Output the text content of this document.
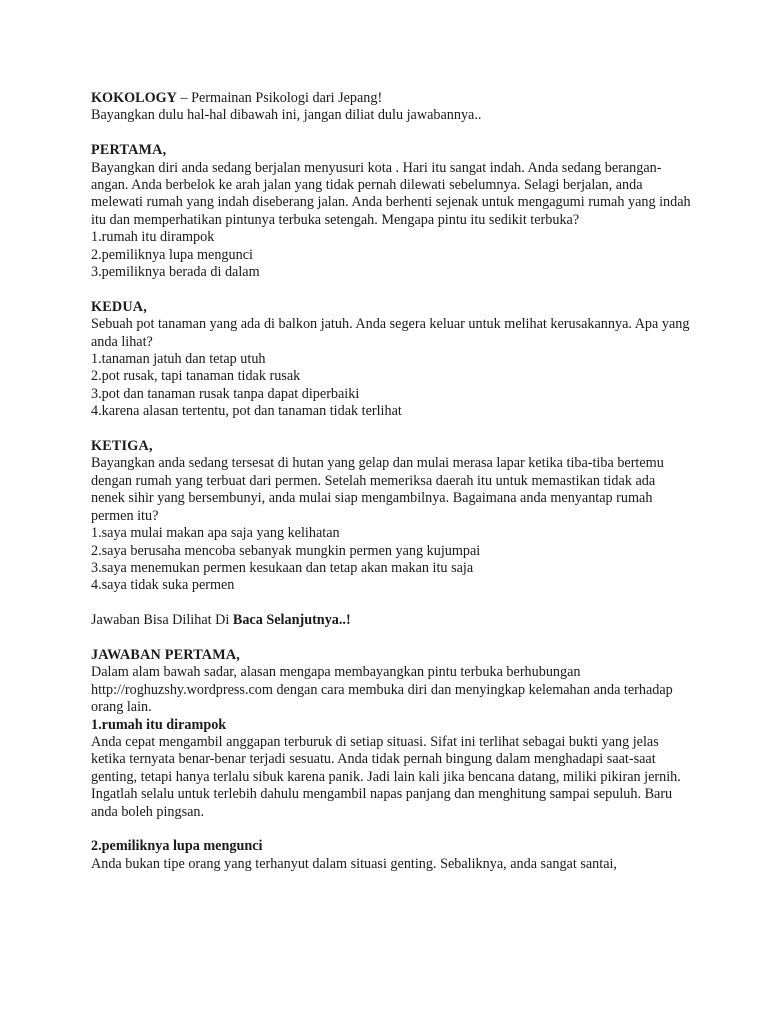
KOKOLOGY – Permainan Psikologi dari Jepang!

Bayangkan dulu hal-hal dibawah ini, jangan diliat dulu jawabannya..

PERTAMA,

Bayangkan diri anda sedang berjalan menyusuri kota . Hari itu sangat indah. Anda sedang berangan-angan. Anda berbelok ke arah jalan yang tidak pernah dilewati sebelumnya. Selagi berjalan, anda melewati rumah yang indah diseberang jalan. Anda berhenti sejenak untuk mengagumi rumah yang indah itu dan memperhatikan pintunya terbuka setengah. Mengapa pintu itu sedikit terbuka?

1.rumah itu dirampok

2.pemiliknya lupa mengunci

3.pemiliknya berada di dalam

KEDUA,

Sebuah pot tanaman yang ada di balkon jatuh. Anda segera keluar untuk melihat kerusakannya. Apa yang anda lihat?

1.tanaman jatuh dan tetap utuh

2.pot rusak, tapi tanaman tidak rusak

3.pot dan tanaman rusak tanpa dapat diperbaiki

4.karena alasan tertentu, pot dan tanaman tidak terlihat

KETIGA,

Bayangkan anda sedang tersesat di hutan yang gelap dan mulai merasa lapar ketika tiba-tiba bertemu dengan rumah yang terbuat dari permen. Setelah memeriksa daerah itu untuk memastikan tidak ada nenek sihir yang bersembunyi, anda mulai siap mengambilnya. Bagaimana anda menyantap rumah permen itu?

1.saya mulai makan apa saja yang kelihatan

2.saya berusaha mencoba sebanyak mungkin permen yang kujumpai

3.saya menemukan permen kesukaan dan tetap akan makan itu saja

4.saya tidak suka permen

Jawaban Bisa Dilihat Di Baca Selanjutnya..!

JAWABAN PERTAMA,

Dalam alam bawah sadar, alasan mengapa membayangkan pintu terbuka berhubungan http://roghuzshy.wordpress.com dengan cara membuka diri dan menyingkap kelemahan anda terhadap orang lain.

1.rumah itu dirampok

Anda cepat mengambil anggapan terburuk di setiap situasi. Sifat ini terlihat sebagai bukti yang jelas ketika ternyata benar-benar terjadi sesuatu. Anda tidak pernah bingung dalam menghadapi saat-saat genting, tetapi hanya terlalu sibuk karena panik. Jadi lain kali jika bencana datang, miliki pikiran jernih. Ingatlah selalu untuk terlebih dahulu mengambil napas panjang dan menghitung sampai sepuluh. Baru anda boleh pingsan.

2.pemiliknya lupa mengunci

Anda bukan tipe orang yang terhanyut dalam situasi genting. Sebaliknya, anda sangat santai,
